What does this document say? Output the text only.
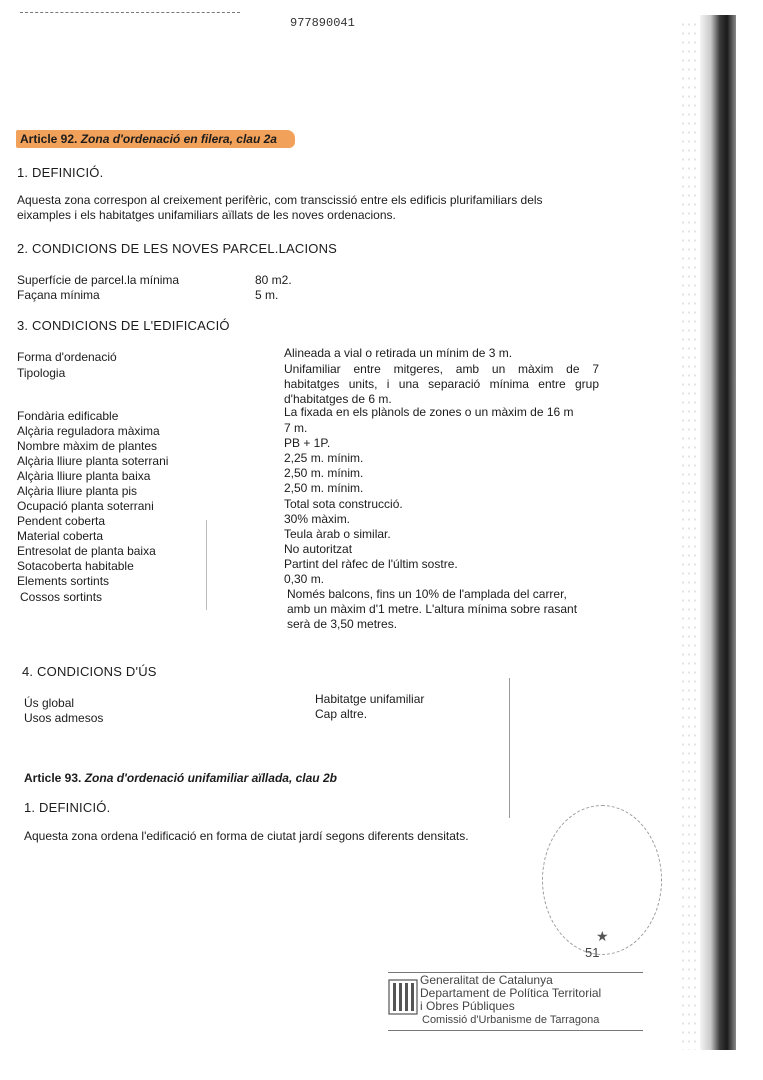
977890041
Article 92. Zona d'ordenació en filera, clau 2a
1. DEFINICIÓ.
Aquesta zona correspon al creixement perifèric, com transcissió entre els edificis plurifamiliars dels
eixamples i els habitatges unifamiliars aïllats de les noves ordenacions.
2. CONDICIONS DE LES NOVES PARCEL.LACIONS
Superfície de parcel.la mínima	80 m2.
Façana mínima	5 m.
3. CONDICIONS DE L'EDIFICACIÓ
Forma d'ordenació	Alineada a vial o retirada un mínim de 3 m.
Tipologia	Unifamiliar entre mitgeres, amb un màxim de 7
habitatges units, i una separació mínima entre grup
d'habitatges de 6 m.
Fondària edificable	La fixada en els plànols de zones o un màxim de 16 m
Alçària reguladora màxima	7 m.
Nombre màxim de plantes	PB + 1P.
Alçària lliure planta soterrani	2,25 m. mínim.
Alçària lliure planta baixa	2,50 m. mínim.
Alçària lliure planta pis	2,50 m. mínim.
Ocupació planta soterrani	Total sota construcció.
Pendent coberta	30% màxim.
Material coberta	Teula àrab o similar.
Entresolat de planta baixa	No autoritzat
Sotacoberta habitable	Partint del ràfec de l'últim sostre.
Elements sortints	0,30 m.
Cossos sortints	Només balcons, fins un 10% de l'amplada del carrer,
amb un màxim d'1 metre. L'altura mínima sobre rasant
serà de 3,50 metres.
4. CONDICIONS D'ÚS
Ús global	Habitatge unifamiliar
Usos admesos	Cap altre.
Article 93. Zona d'ordenació unifamiliar aïllada, clau 2b
1. DEFINICIÓ.
Aquesta zona ordena l'edificació en forma de ciutat jardí segons diferents densitats.
★
51
Generalitat de Catalunya
Departament de Política Territorial
i Obres Públiques
Comissió d'Urbanisme de Tarragona
